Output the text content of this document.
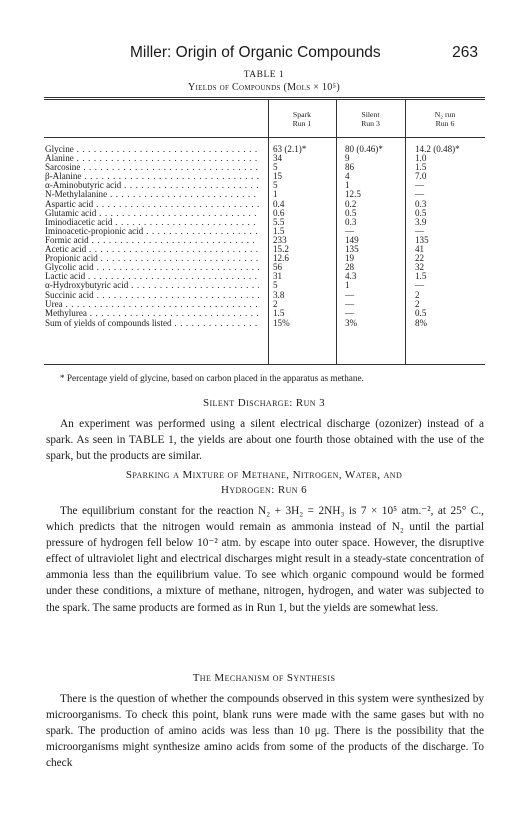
Miller: Origin of Organic Compounds	263
TABLE 1
Yields of Compounds (Mols × 10⁵)
Spark
Run 1
Silent
Run 3
N₂ run
Run 6
Glycine . . .	63 (2.1)*	80 (0.46)*	14.2 (0.48)*
Alanine . . .	34	9	1.0
Sarcosine . . .	5	86	1.5
β-Alanine . . .	15	4	7.0
α-Aminobutyric acid . . .	5	1	—
N-Methylalanine . . .	1	12.5	—
Aspartic acid . . .	0.4	0.2	0.3
Glutamic acid . . .	0.6	0.5	0.5
Iminodiacetic acid . . .	5.5	0.3	3.9
Iminoacetic-propionic acid . . .	1.5	—	—
Formic acid . . .	233	149	135
Acetic acid . . .	15.2	135	41
Propionic acid . . .	12.6	19	22
Glycolic acid . . .	56	28	32
Lactic acid . . .	31	4.3	1.5
α-Hydroxybutyric acid . . .	5	1	—
Succinic acid . . .	3.8	—	2
Urea . . .	2	—	2
Methylurea . . .	1.5	—	0.5
Sum of yields of compounds listed . . .	15%	3%	8%
* Percentage yield of glycine, based on carbon placed in the apparatus as methane.
Silent Discharge: Run 3
An experiment was performed using a silent electrical discharge (ozonizer) instead of a spark. As seen in TABLE 1, the yields are about one fourth those obtained with the use of the spark, but the products are similar.
Sparking a Mixture of Methane, Nitrogen, Water, and
Hydrogen: Run 6
The equilibrium constant for the reaction N₂ + 3H₂ = 2NH₃ is 7 × 10⁵ atm.⁻², at 25° C., which predicts that the nitrogen would remain as ammonia instead of N₂ until the partial pressure of hydrogen fell below 10⁻² atm. by escape into outer space. However, the disruptive effect of ultraviolet light and electrical discharges might result in a steady-state concentration of ammonia less than the equilibrium value. To see which organic compound would be formed under these conditions, a mixture of methane, nitrogen, hydrogen, and water was subjected to the spark. The same products are formed as in Run 1, but the yields are somewhat less.
The Mechanism of Synthesis
There is the question of whether the compounds observed in this system were synthesized by microorganisms. To check this point, blank runs were made with the same gases but with no spark. The production of amino acids was less than 10 μg. There is the possibility that the microorganisms might synthesize amino acids from some of the products of the discharge. To check
